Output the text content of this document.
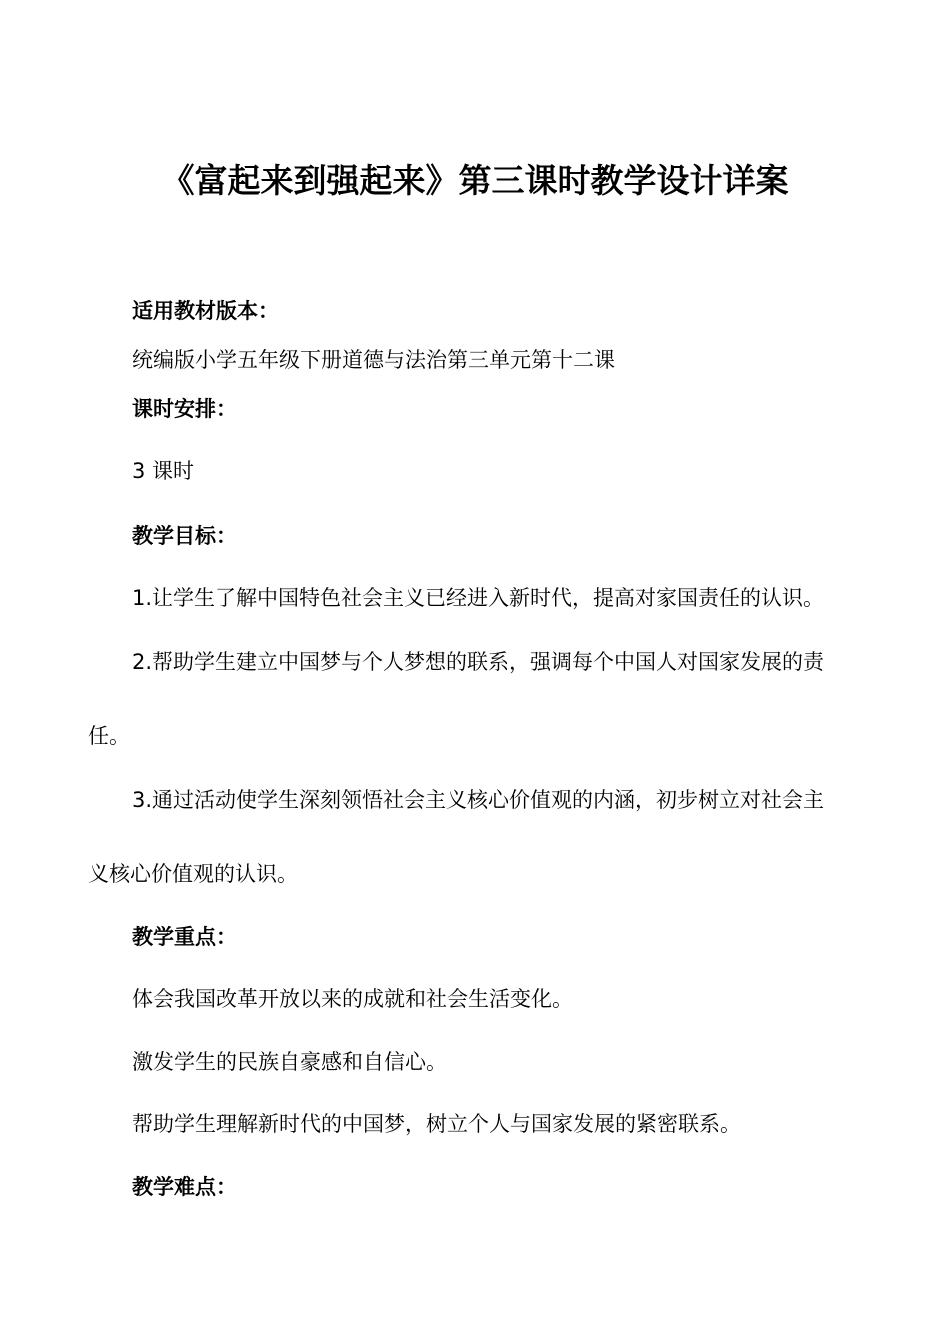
《富起来到强起来》第三课时教学设计详案
适用教材版本：
统编版小学五年级下册道德与法治第三单元第十二课
课时安排：
3 课时
教学目标：
1.让学生了解中国特色社会主义已经进入新时代，提高对家国责任的认识。
2.帮助学生建立中国梦与个人梦想的联系，强调每个中国人对国家发展的责
任。
3.通过活动使学生深刻领悟社会主义核心价值观的内涵，初步树立对社会主
义核心价值观的认识。
教学重点：
体会我国改革开放以来的成就和社会生活变化。
激发学生的民族自豪感和自信心。
帮助学生理解新时代的中国梦，树立个人与国家发展的紧密联系。
教学难点：
